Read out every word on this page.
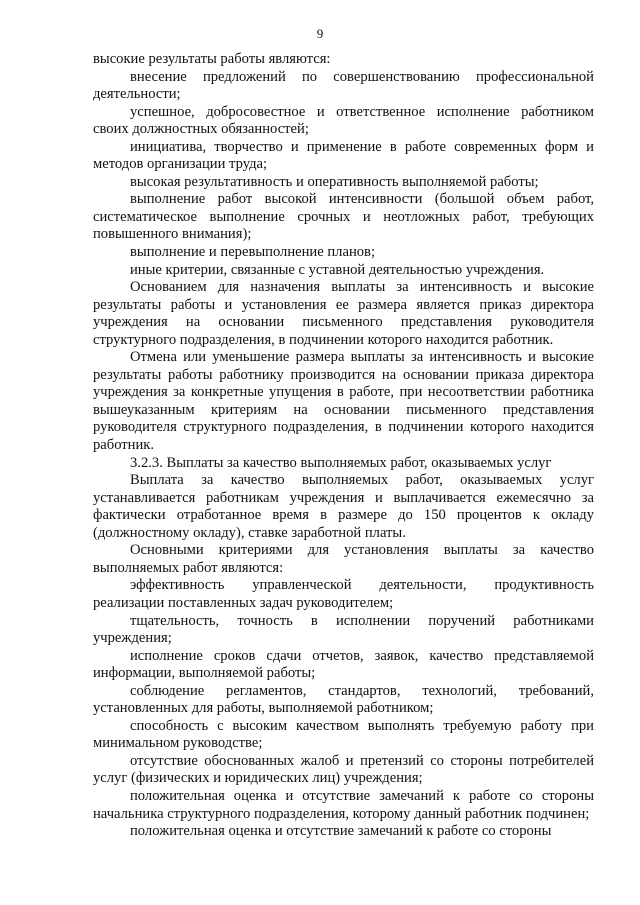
9

высокие результаты работы являются:

внесение предложений по совершенствованию профессиональной деятельности;

успешное, добросовестное и ответственное исполнение работником своих должностных обязанностей;

инициатива, творчество и применение в работе современных форм и методов организации труда;

высокая результативность и оперативность выполняемой работы;

выполнение работ высокой интенсивности (большой объем работ, систематическое выполнение срочных и неотложных работ, требующих повышенного внимания);

выполнение и перевыполнение планов;

иные критерии, связанные с уставной деятельностью учреждения.

Основанием для назначения выплаты за интенсивность и высокие результаты работы и установления ее размера является приказ директора учреждения на основании письменного представления руководителя структурного подразделения, в подчинении которого находится работник.

Отмена или уменьшение размера выплаты за интенсивность и высокие результаты работы работнику производится на основании приказа директора учреждения за конкретные упущения в работе, при несоответствии работника вышеуказанным критериям на основании письменного представления руководителя структурного подразделения, в подчинении которого находится работник.

3.2.3. Выплаты за качество выполняемых работ, оказываемых услуг

Выплата за качество выполняемых работ, оказываемых услуг устанавливается работникам учреждения и выплачивается ежемесячно за фактически отработанное время в размере до 150 процентов к окладу (должностному окладу), ставке заработной платы.

Основными критериями для установления выплаты за качество выполняемых работ являются:

эффективность управленческой деятельности, продуктивность реализации поставленных задач руководителем;

тщательность, точность в исполнении поручений работниками учреждения;

исполнение сроков сдачи отчетов, заявок, качество представляемой информации, выполняемой работы;

соблюдение регламентов, стандартов, технологий, требований, установленных для работы, выполняемой работником;

способность с высоким качеством выполнять требуемую работу при минимальном руководстве;

отсутствие обоснованных жалоб и претензий со стороны потребителей услуг (физических и юридических лиц) учреждения;

положительная оценка и отсутствие замечаний к работе со стороны начальника структурного подразделения, которому данный работник подчинен;

положительная оценка и отсутствие замечаний к работе со стороны
